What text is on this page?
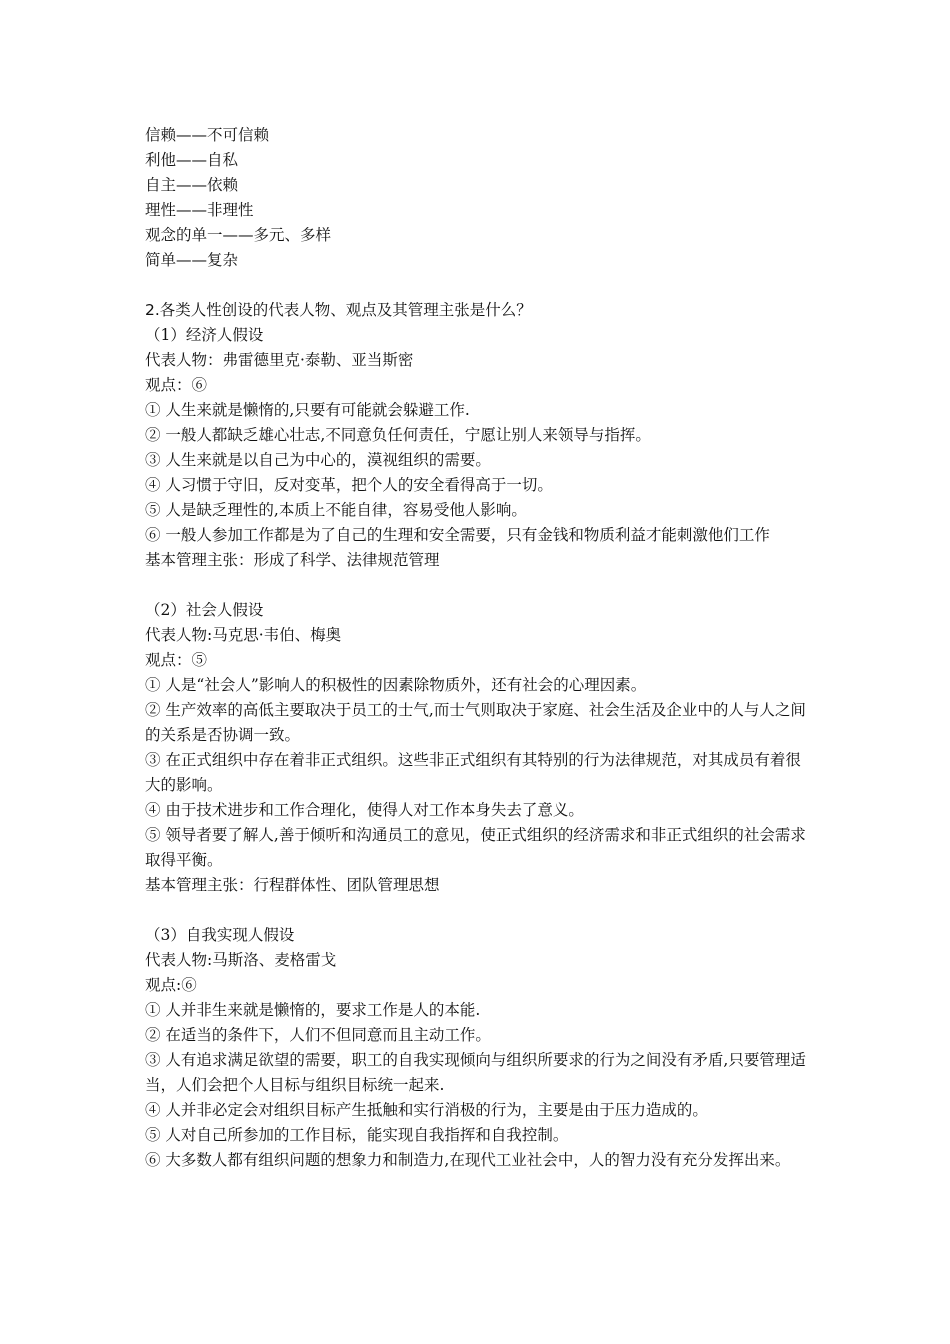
信赖——不可信赖
利他——自私
自主——依赖
理性——非理性
观念的单一——多元、多样
简单——复杂
2.各类人性创设的代表人物、观点及其管理主张是什么？
（1）经济人假设
代表人物：弗雷德里克·泰勒、亚当斯密
观点：⑥
① 人生来就是懒惰的,只要有可能就会躲避工作.
② 一般人都缺乏雄心壮志,不同意负任何责任，宁愿让别人来领导与指挥。
③ 人生来就是以自己为中心的，漠视组织的需要。
④ 人习惯于守旧，反对变革，把个人的安全看得高于一切。
⑤ 人是缺乏理性的,本质上不能自律，容易受他人影响。
⑥ 一般人参加工作都是为了自己的生理和安全需要，只有金钱和物质利益才能刺激他们工作
基本管理主张：形成了科学、法律规范管理
（2）社会人假设
代表人物:马克思·韦伯、梅奥
观点：⑤
① 人是“社会人”影响人的积极性的因素除物质外，还有社会的心理因素。
② 生产效率的高低主要取决于员工的士气,而士气则取决于家庭、社会生活及企业中的人与人之间的关系是否协调一致。
③ 在正式组织中存在着非正式组织。这些非正式组织有其特别的行为法律规范，对其成员有着很大的影响。
④ 由于技术进步和工作合理化，使得人对工作本身失去了意义。
⑤ 领导者要了解人,善于倾听和沟通员工的意见，使正式组织的经济需求和非正式组织的社会需求取得平衡。
基本管理主张：行程群体性、团队管理思想
（3）自我实现人假设
代表人物:马斯洛、麦格雷戈
观点:⑥
① 人并非生来就是懒惰的，要求工作是人的本能.
② 在适当的条件下，人们不但同意而且主动工作。
③ 人有追求满足欲望的需要，职工的自我实现倾向与组织所要求的行为之间没有矛盾,只要管理适当，人们会把个人目标与组织目标统一起来.
④ 人并非必定会对组织目标产生抵触和实行消极的行为，主要是由于压力造成的。
⑤ 人对自己所参加的工作目标，能实现自我指挥和自我控制。
⑥ 大多数人都有组织问题的想象力和制造力,在现代工业社会中，人的智力没有充分发挥出来。
